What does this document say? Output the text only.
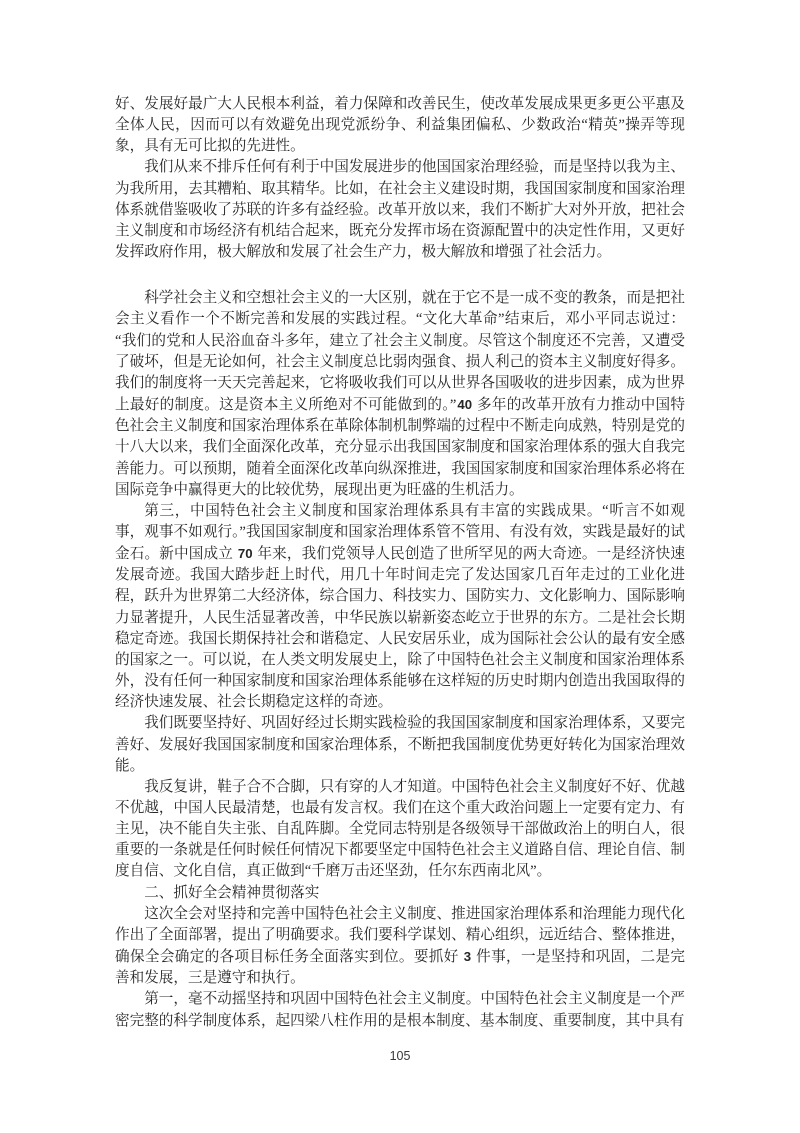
好、发展好最广大人民根本利益，着力保障和改善民生，使改革发展成果更多更公平惠及全体人民，因而可以有效避免出现党派纷争、利益集团偏私、少数政治“精英”操弄等现象，具有无可比拟的先进性。

我们从来不排斥任何有利于中国发展进步的他国国家治理经验，而是坚持以我为主、为我所用，去其糟粕、取其精华。比如，在社会主义建设时期，我国国家制度和国家治理体系就借鉴吸收了苏联的许多有益经验。改革开放以来，我们不断扩大对外开放，把社会主义制度和市场经济有机结合起来，既充分发挥市场在资源配置中的决定性作用，又更好发挥政府作用，极大解放和发展了社会生产力，极大解放和增强了社会活力。

科学社会主义和空想社会主义的一大区别，就在于它不是一成不变的教条，而是把社会主义看作一个不断完善和发展的实践过程。“文化大革命”结束后，邓小平同志说过：“我们的党和人民浴血奋斗多年，建立了社会主义制度。尽管这个制度还不完善，又遭受了破坏，但是无论如何，社会主义制度总比弱肉强食、损人利己的资本主义制度好得多。我们的制度将一天天完善起来，它将吸收我们可以从世界各国吸收的进步因素，成为世界上最好的制度。这是资本主义所绝对不可能做到的。”40 多年的改革开放有力推动中国特色社会主义制度和国家治理体系在革除体制机制弊端的过程中不断走向成熟，特别是党的十八大以来，我们全面深化改革，充分显示出我国国家制度和国家治理体系的强大自我完善能力。可以预期，随着全面深化改革向纵深推进，我国国家制度和国家治理体系必将在国际竞争中赢得更大的比较优势，展现出更为旺盛的生机活力。

第三，中国特色社会主义制度和国家治理体系具有丰富的实践成果。“听言不如观事，观事不如观行。”我国国家制度和国家治理体系管不管用、有没有效，实践是最好的试金石。新中国成立 70 年来，我们党领导人民创造了世所罕见的两大奇迹。一是经济快速发展奇迹。我国大踏步赶上时代，用几十年时间走完了发达国家几百年走过的工业化进程，跃升为世界第二大经济体，综合国力、科技实力、国防实力、文化影响力、国际影响力显著提升，人民生活显著改善，中华民族以崭新姿态屹立于世界的东方。二是社会长期稳定奇迹。我国长期保持社会和谐稳定、人民安居乐业，成为国际社会公认的最有安全感的国家之一。可以说，在人类文明发展史上，除了中国特色社会主义制度和国家治理体系外，没有任何一种国家制度和国家治理体系能够在这样短的历史时期内创造出我国取得的经济快速发展、社会长期稳定这样的奇迹。

我们既要坚持好、巩固好经过长期实践检验的我国国家制度和国家治理体系，又要完善好、发展好我国国家制度和国家治理体系，不断把我国制度优势更好转化为国家治理效能。

我反复讲，鞋子合不合脚，只有穿的人才知道。中国特色社会主义制度好不好、优越不优越，中国人民最清楚，也最有发言权。我们在这个重大政治问题上一定要有定力、有主见，决不能自失主张、自乱阵脚。全党同志特别是各级领导干部做政治上的明白人，很重要的一条就是任何时候任何情况下都要坚定中国特色社会主义道路自信、理论自信、制度自信、文化自信，真正做到“千磨万击还坚劲，任尔东西南北风”。

二、抓好全会精神贯彻落实

这次全会对坚持和完善中国特色社会主义制度、推进国家治理体系和治理能力现代化作出了全面部署，提出了明确要求。我们要科学谋划、精心组织，远近结合、整体推进，确保全会确定的各项目标任务全面落实到位。要抓好 3 件事，一是坚持和巩固，二是完善和发展，三是遵守和执行。

第一，毫不动摇坚持和巩固中国特色社会主义制度。中国特色社会主义制度是一个严密完整的科学制度体系，起四梁八柱作用的是根本制度、基本制度、重要制度，其中具有

105
